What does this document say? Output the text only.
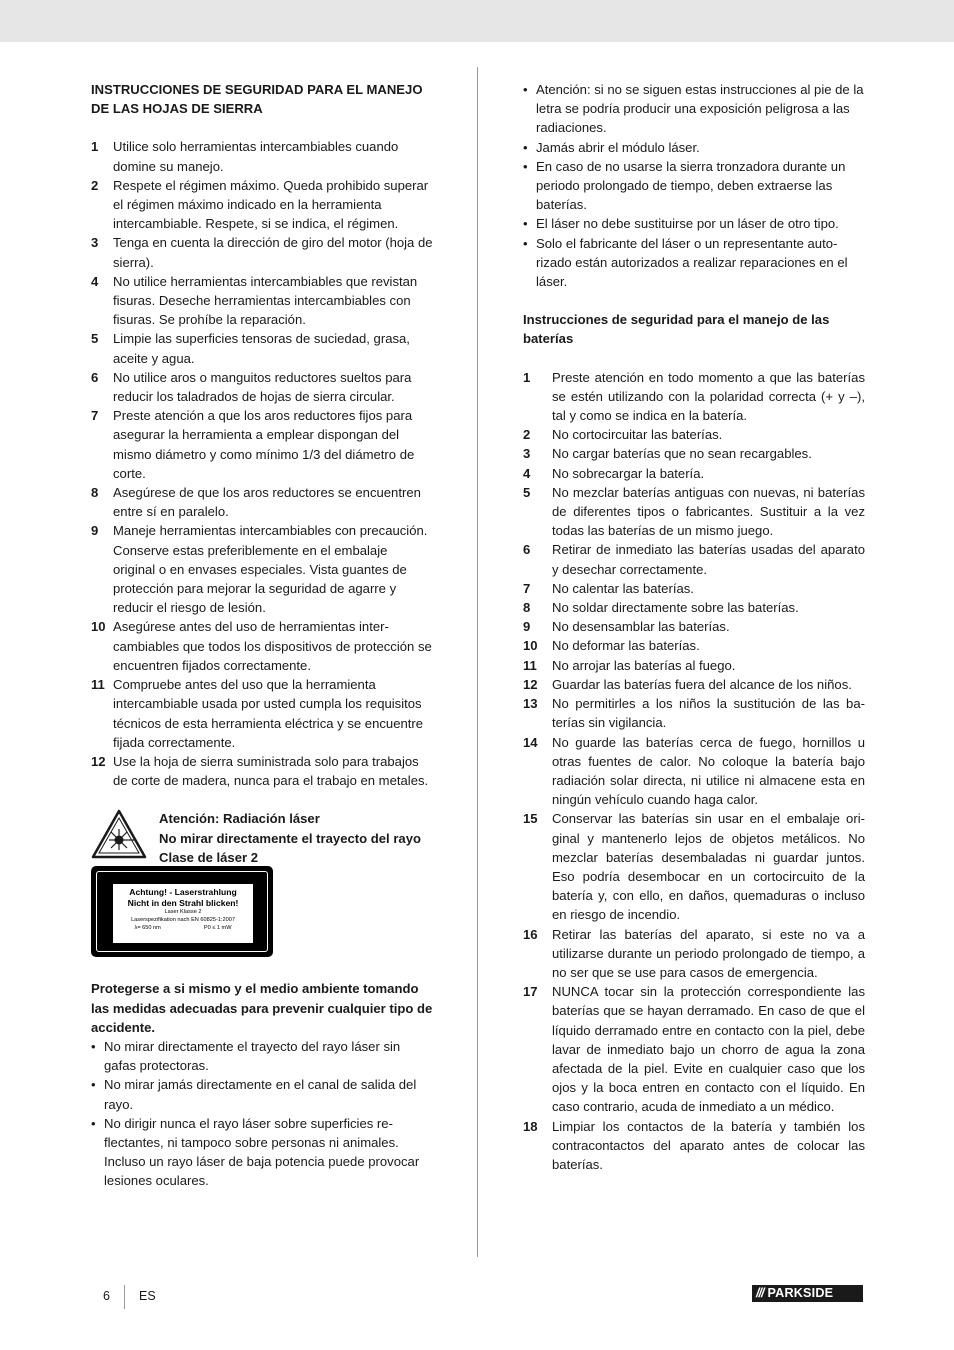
INSTRUCCIONES DE SEGURIDAD PARA EL MANEJO DE LAS HOJAS DE SIERRA
1	Utilice solo herramientas intercambiables cuando domine su manejo.
2	Respete el régimen máximo. Queda prohibido superar el régimen máximo indicado en la herramienta intercambiable. Respete, si se indica, el régimen.
3	Tenga en cuenta la dirección de giro del motor (hoja de sierra).
4	No utilice herramientas intercambiables que revistan fisuras. Deseche herramientas intercambiables con fisuras. Se prohíbe la reparación.
5	Limpie las superficies tensoras de suciedad, grasa, aceite y agua.
6	No utilice aros o manguitos reductores sueltos para reducir los taladrados de hojas de sierra circular.
7	Preste atención a que los aros reductores fijos para asegurar la herramienta a emplear dispongan del mismo diámetro y como mínimo 1/3 del diámetro de corte.
8	Asegúrese de que los aros reductores se encuentren entre sí en paralelo.
9	Maneje herramientas intercambiables con precaución. Conserve estas preferiblemente en el embalaje original o en envases especiales. Vista guantes de protección para mejorar la seguridad de agarre y reducir el riesgo de lesión.
10 Asegúrese antes del uso de herramientas intercambiables que todos los dispositivos de protección se encuentren fijados correctamente.
11 Compruebe antes del uso que la herramienta intercambiable usada por usted cumpla los requisitos técnicos de esta herramienta eléctrica y se encuentre fijada correctamente.
12 Use la hoja de sierra suministrada solo para trabajos de corte de madera, nunca para el trabajo en metales.
Atención: Radiación láser
No mirar directamente el trayecto del rayo
Clase de láser 2
Achtung! - Laserstrahlung
Nicht in den Strahl blicken!
Laser Klasse 2
Laserspezifikation nach EN 60825-1:2007
λ= 650 nm	P0 ≤ 1 mW
Protegerse a si mismo y el medio ambiente tomando las medidas adecuadas para prevenir cualquier tipo de accidente.
• No mirar directamente el trayecto del rayo láser sin gafas protectoras.
• No mirar jamás directamente en el canal de salida del rayo.
• No dirigir nunca el rayo láser sobre superficies reflectantes, ni tampoco sobre personas ni animales. Incluso un rayo láser de baja potencia puede provocar lesiones oculares.
• Atención: si no se siguen estas instrucciones al pie de la letra se podría producir una exposición peligrosa a las radiaciones.
• Jamás abrir el módulo láser.
• En caso de no usarse la sierra tronzadora durante un periodo prolongado de tiempo, deben extraerse las baterías.
• El láser no debe sustituirse por un láser de otro tipo.
• Solo el fabricante del láser o un representante autorizado están autorizados a realizar reparaciones en el láser.
Instrucciones de seguridad para el manejo de las baterías
1	Preste atención en todo momento a que las baterías se estén utilizando con la polaridad correcta (+ y –), tal y como se indica en la batería.
2	No cortocircuitar las baterías.
3	No cargar baterías que no sean recargables.
4	No sobrecargar la batería.
5	No mezclar baterías antiguas con nuevas, ni baterías de diferentes tipos o fabricantes. Sustituir a la vez todas las baterías de un mismo juego.
6	Retirar de inmediato las baterías usadas del aparato y desechar correctamente.
7	No calentar las baterías.
8	No soldar directamente sobre las baterías.
9	No desensamblar las baterías.
10	No deformar las baterías.
11	No arrojar las baterías al fuego.
12	Guardar las baterías fuera del alcance de los niños.
13	No permitirles a los niños la sustitución de las baterías sin vigilancia.
14	No guarde las baterías cerca de fuego, hornillos u otras fuentes de calor. No coloque la batería bajo radiación solar directa, ni utilice ni almacene esta en ningún vehículo cuando haga calor.
15	Conservar las baterías sin usar en el embalaje original y mantenerlo lejos de objetos metálicos. No mezclar baterías desembaladas ni guardar juntos. Eso podría desembocar en un cortocircuito de la batería y, con ello, en daños, quemaduras o incluso en riesgo de incendio.
16	Retirar las baterías del aparato, si este no va a utilizarse durante un periodo prolongado de tiempo, a no ser que se use para casos de emergencia.
17	NUNCA tocar sin la protección correspondiente las baterías que se hayan derramado. En caso de que el líquido derramado entre en contacto con la piel, debe lavar de inmediato bajo un chorro de agua la zona afectada de la piel. Evite en cualquier caso que los ojos y la boca entren en contacto con el líquido. En caso contrario, acuda de inmediato a un médico.
18	Limpiar los contactos de la batería y también los contracontactos del aparato antes de colocar las baterías.
6 ES	/// PARKSIDE
